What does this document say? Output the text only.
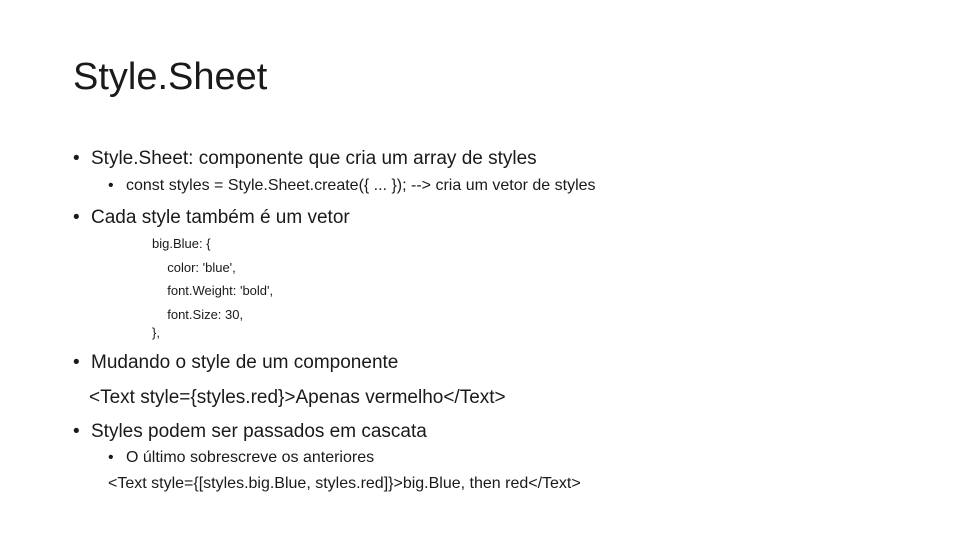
Style.Sheet
• Style.Sheet: componente que cria um array de styles
• const styles = Style.Sheet.create({ ... }); --> cria um vetor de styles
• Cada style também é um vetor
big.Blue: {
color: 'blue',
font.Weight: 'bold',
font.Size: 30,
},
• Mudando o style de um componente
<Text style={styles.red}>Apenas vermelho</Text>
• Styles podem ser passados em cascata
• O último sobrescreve os anteriores
<Text style={[styles.big.Blue, styles.red]}>big.Blue, then red</Text>
